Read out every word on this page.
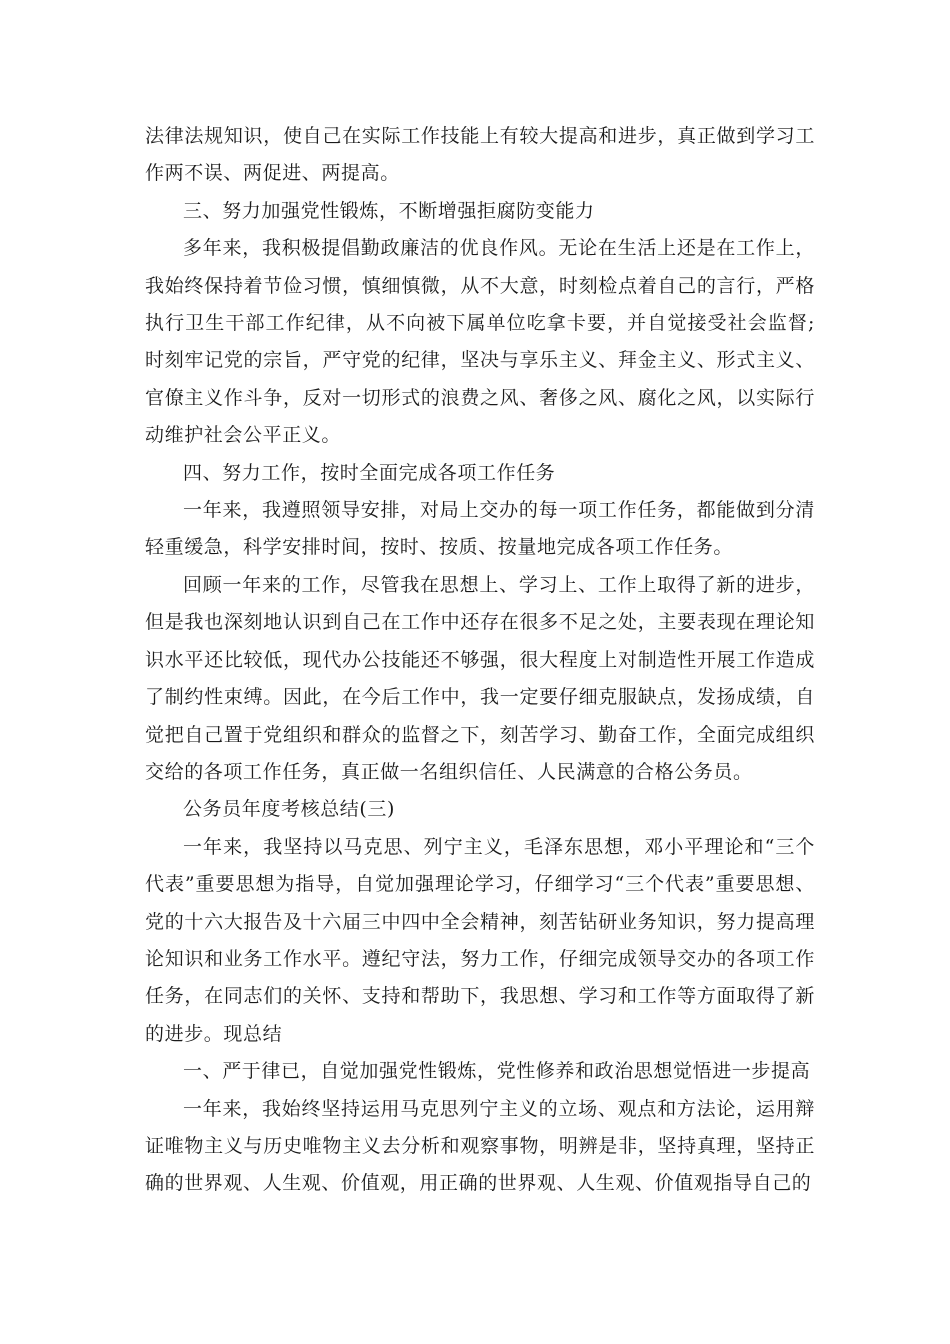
法律法规知识，使自己在实际工作技能上有较大提高和进步，真正做到学习工作两不误、两促进、两提高。

三、努力加强党性锻炼，不断增强拒腐防变能力

多年来，我积极提倡勤政廉洁的优良作风。无论在生活上还是在工作上，我始终保持着节俭习惯，慎细慎微，从不大意，时刻检点着自己的言行，严格执行卫生干部工作纪律，从不向被下属单位吃拿卡要，并自觉接受社会监督;时刻牢记党的宗旨，严守党的纪律，坚决与享乐主义、拜金主义、形式主义、官僚主义作斗争，反对一切形式的浪费之风、奢侈之风、腐化之风，以实际行动维护社会公平正义。

四、努力工作，按时全面完成各项工作任务

一年来，我遵照领导安排，对局上交办的每一项工作任务，都能做到分清轻重缓急，科学安排时间，按时、按质、按量地完成各项工作任务。

回顾一年来的工作，尽管我在思想上、学习上、工作上取得了新的进步，但是我也深刻地认识到自己在工作中还存在很多不足之处，主要表现在理论知识水平还比较低，现代办公技能还不够强，很大程度上对制造性开展工作造成了制约性束缚。因此，在今后工作中，我一定要仔细克服缺点，发扬成绩，自觉把自己置于党组织和群众的监督之下，刻苦学习、勤奋工作，全面完成组织交给的各项工作任务，真正做一名组织信任、人民满意的合格公务员。

公务员年度考核总结(三)

一年来，我坚持以马克思、列宁主义，毛泽东思想，邓小平理论和“三个代表”重要思想为指导，自觉加强理论学习，仔细学习“三个代表”重要思想、党的十六大报告及十六届三中四中全会精神，刻苦钻研业务知识，努力提高理论知识和业务工作水平。遵纪守法，努力工作，仔细完成领导交办的各项工作任务，在同志们的关怀、支持和帮助下，我思想、学习和工作等方面取得了新的进步。现总结

一、严于律已，自觉加强党性锻炼，党性修养和政治思想觉悟进一步提高

一年来，我始终坚持运用马克思列宁主义的立场、观点和方法论，运用辩证唯物主义与历史唯物主义去分析和观察事物，明辨是非，坚持真理，坚持正确的世界观、人生观、价值观，用正确的世界观、人生观、价值观指导自己的
